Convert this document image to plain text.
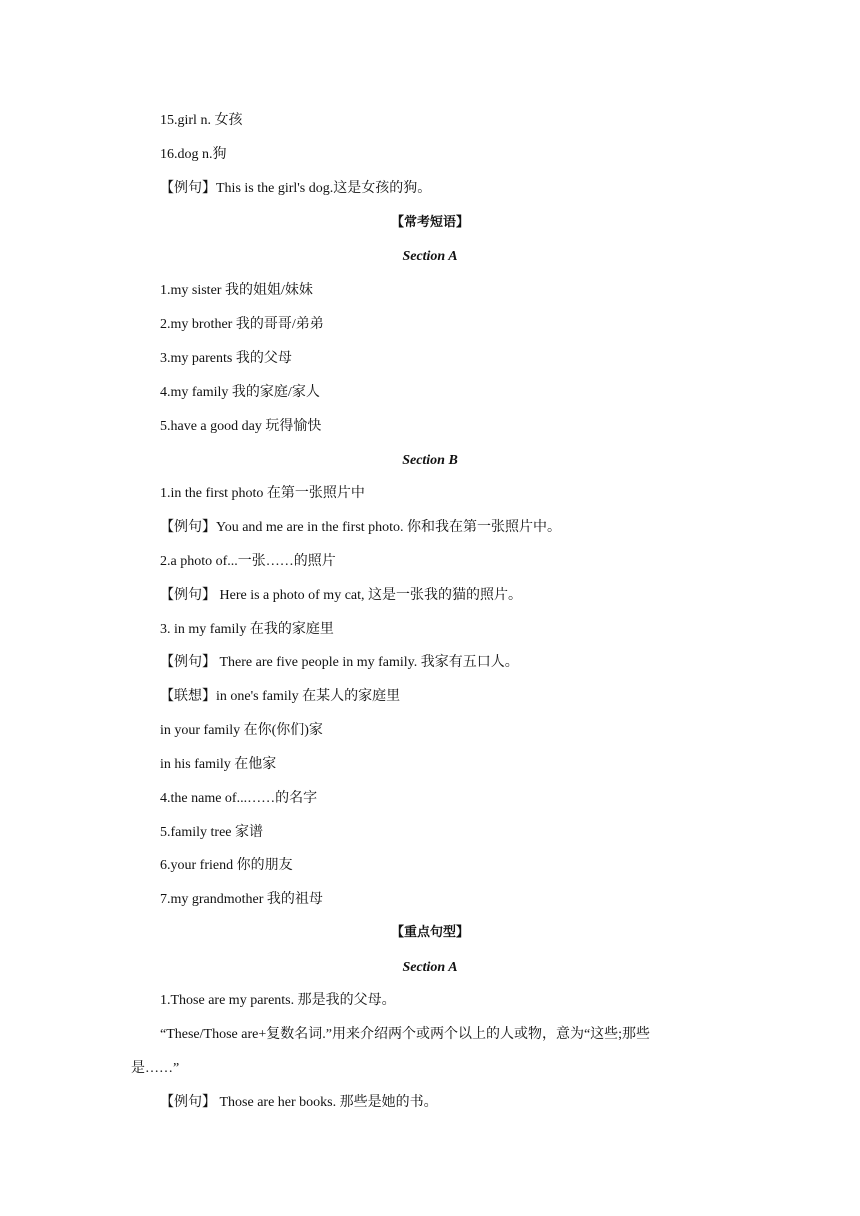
15.girl n. 女孩
16.dog n.狗
【例句】This is the girl's dog.这是女孩的狗。
【常考短语】
Section A
1.my sister 我的姐姐/妹妹
2.my brother 我的哥哥/弟弟
3.my parents 我的父母
4.my family 我的家庭/家人
5.have a good day 玩得愉快
Section B
1.in the first photo 在第一张照片中
【例句】You and me are in the first photo. 你和我在第一张照片中。
2.a photo of...一张……的照片
【例句】 Here is a photo of my cat, 这是一张我的猫的照片。
3. in my family 在我的家庭里
【例句】 There are five people in my family. 我家有五口人。
【联想】in one's family 在某人的家庭里
in your family 在你(你们)家
in his family 在他家
4.the name of...……的名字
5.family tree 家谱
6.your friend 你的朋友
7.my grandmother 我的祖母
【重点句型】
Section A
1.Those are my parents. 那是我的父母。
“These/Those are+复数名词.”用来介绍两个或两个以上的人或物，意为“这些;那些
是……”
【例句】 Those are her books. 那些是她的书。
